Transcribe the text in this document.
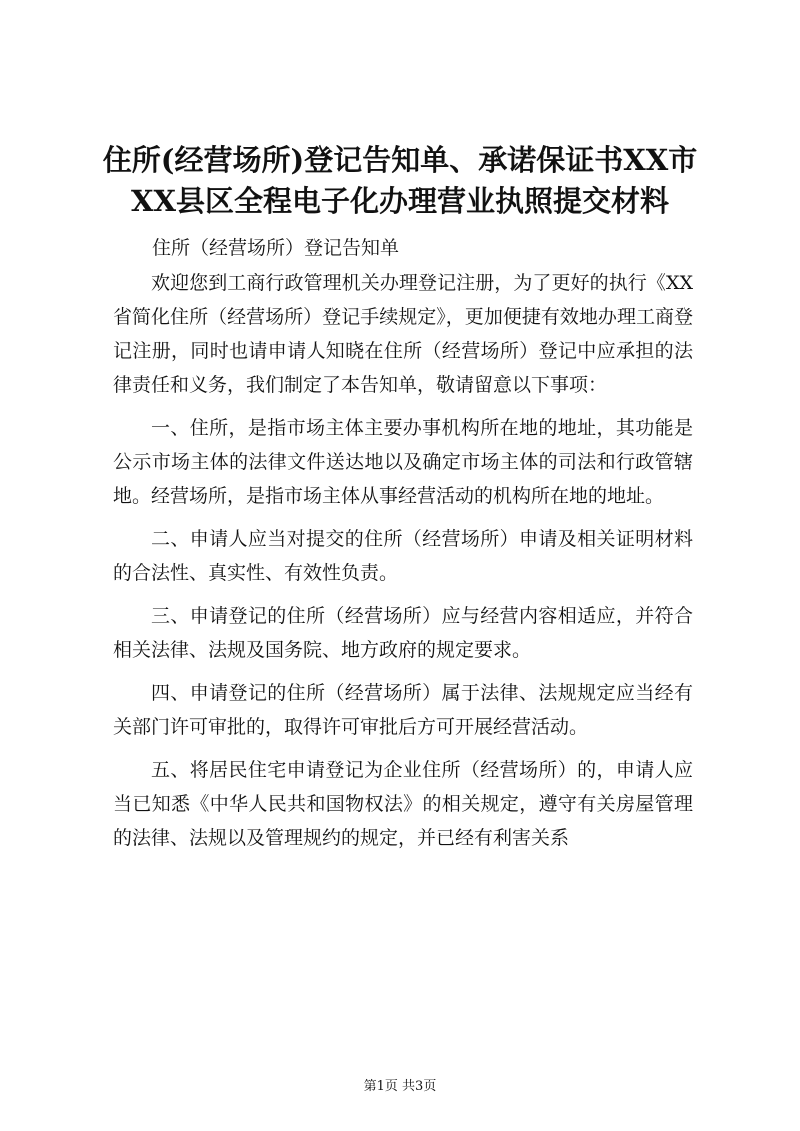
住所(经营场所)登记告知单、承诺保证书XX市XX县区全程电子化办理营业执照提交材料

住所（经营场所）登记告知单

欢迎您到工商行政管理机关办理登记注册，为了更好的执行《XX省简化住所（经营场所）登记手续规定》，更加便捷有效地办理工商登记注册，同时也请申请人知晓在住所（经营场所）登记中应承担的法律责任和义务，我们制定了本告知单，敬请留意以下事项：

一、住所，是指市场主体主要办事机构所在地的地址，其功能是公示市场主体的法律文件送达地以及确定市场主体的司法和行政管辖地。经营场所，是指市场主体从事经营活动的机构所在地的地址。

二、申请人应当对提交的住所（经营场所）申请及相关证明材料的合法性、真实性、有效性负责。

三、申请登记的住所（经营场所）应与经营内容相适应，并符合相关法律、法规及国务院、地方政府的规定要求。

四、申请登记的住所（经营场所）属于法律、法规规定应当经有关部门许可审批的，取得许可审批后方可开展经营活动。

五、将居民住宅申请登记为企业住所（经营场所）的，申请人应当已知悉《中华人民共和国物权法》的相关规定，遵守有关房屋管理的法律、法规以及管理规约的规定，并已经有利害关系

第1页 共3页
